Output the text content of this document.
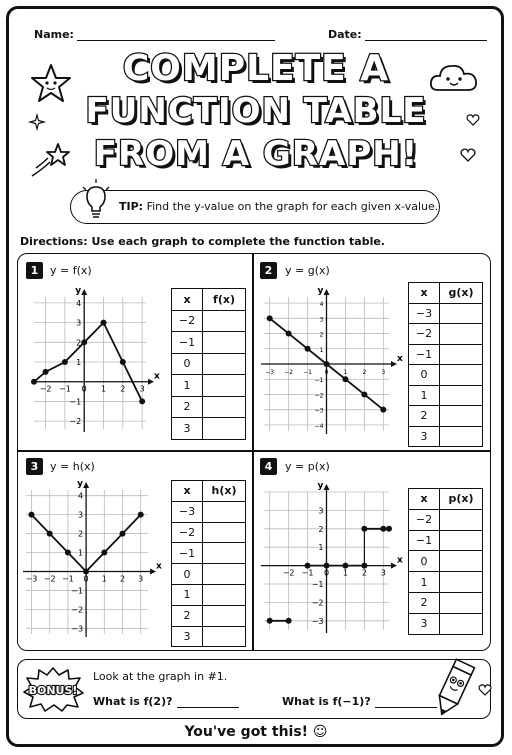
Name:	Date:
COMPLETE A
FUNCTION TABLE
FROM A GRAPH!
TIP: Find the y-value on the graph for each given x-value.
Directions: Use each graph to complete the function table.
1	y = f(x)	2	y = g(x)
3	y = h(x)	4	y = p(x)
x
y
−2 −1 0 1 2 3
−2
−1
1
2
3
4
x
y
−3 −2 −1 0	1	2	3
−4
−3
−2
−1
1
2
3
4
x
y
−3 −2 −1 0 1 2 3
−3
−2
−1
1
2
3
4
x
y
−2 −1 0 1 2 3
−3
−2
−1
1
2
3
x	f(x)
−2	
−1	
0	
1	
2	
3	
x	g(x)
−3	
−2	
−1	
0	
1	
2	
3	
x	h(x)
−3	
−2	
−1	
0	
1	
2	
3	
x	p(x)
−2	
−1	
0	
1	
2	
3	
BONUS!
Look at the graph in #1.
What is f(2)?	What is f(−1)?
You've got this! ☺
